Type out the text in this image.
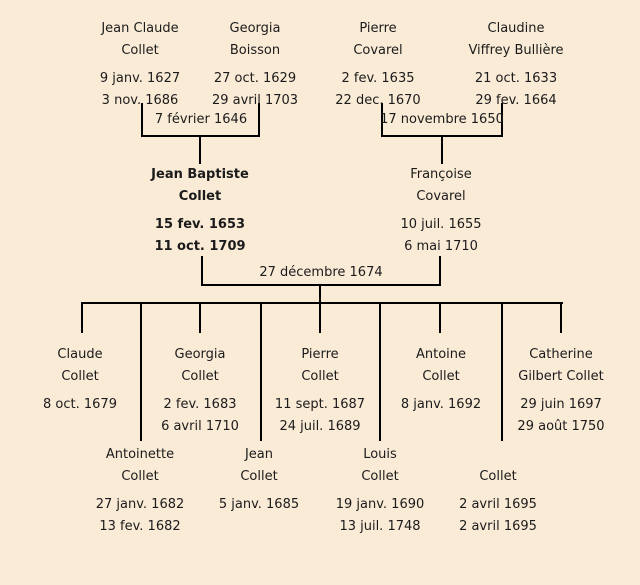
7 février 1646	17 novembre 1650
27 décembre 1674
Jean Claude
Collet
9 janv. 1627
3 nov. 1686
Georgia
Boisson
27 oct. 1629
29 avril 1703
Pierre
Covarel
2 fev. 1635
22 dec. 1670
Claudine
Viffrey Bullière
21 oct. 1633
29 fev. 1664
Jean Baptiste
Collet
15 fev. 1653
11 oct. 1709
Françoise
Covarel
10 juil. 1655
6 mai 1710
Claude
Collet
8 oct. 1679
Georgia
Collet
2 fev. 1683
6 avril 1710
Pierre
Collet
11 sept. 1687
24 juil. 1689
Antoine
Collet
8 janv. 1692
Catherine
Gilbert Collet
29 juin 1697
29 août 1750
Antoinette
Collet
27 janv. 1682
13 fev. 1682
Jean
Collet
5 janv. 1685
Louis
Collet
19 janv. 1690
13 juil. 1748
Collet
2 avril 1695
2 avril 1695
